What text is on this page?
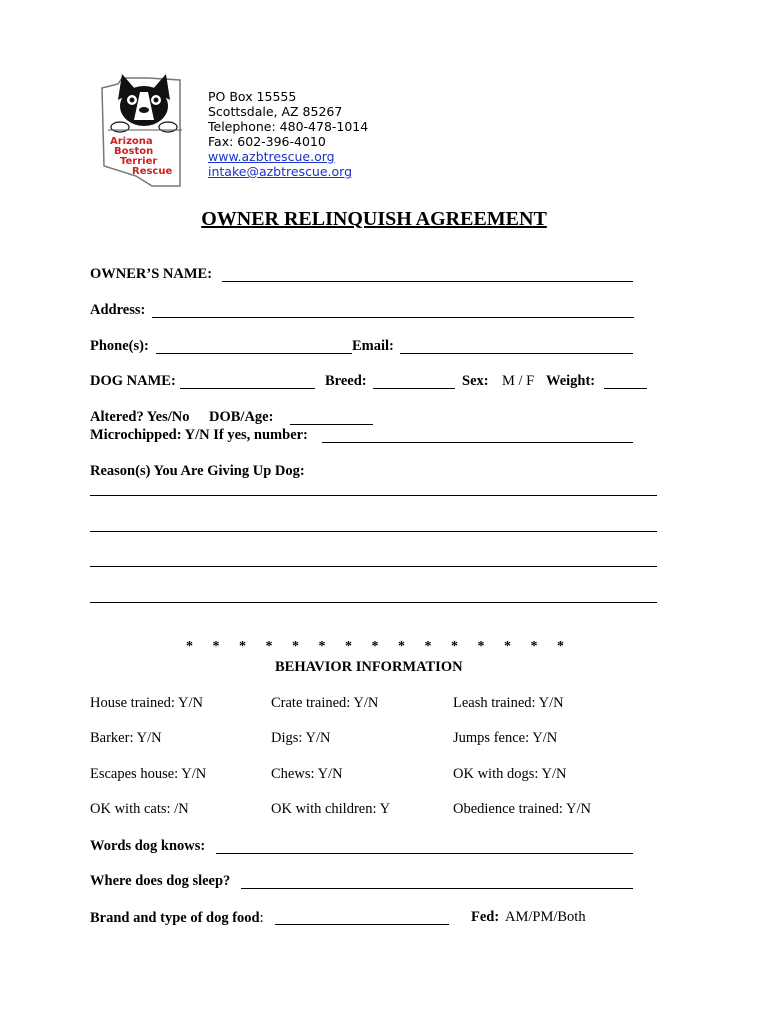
Arizona
Boston
Terrier
Rescue
PO Box 15555
Scottsdale, AZ 85267
Telephone: 480-478-1014
Fax: 602-396-4010
www.azbtrescue.org
intake@azbtrescue.org
OWNER RELINQUISH AGREEMENT
OWNER’S NAME:
Address:
Phone(s):	Email:
DOG NAME:	Breed:	Sex: M / F Weight:
Altered? Yes/No DOB/Age:
Microchipped: Y/N If yes, number:
Reason(s) You Are Giving Up Dog:
* * * * * * * * * * * * * * *
BEHAVIOR INFORMATION
House trained: Y/N	Crate trained: Y/N	Leash trained: Y/N
Barker: Y/N	Digs: Y/N	Jumps fence: Y/N
Escapes house: Y/N	Chews: Y/N	OK with dogs: Y/N
OK with cats: /N	OK with children: Y	Obedience trained: Y/N
Words dog knows:
Where does dog sleep?
Brand and type of dog food:	Fed: AM/PM/Both
